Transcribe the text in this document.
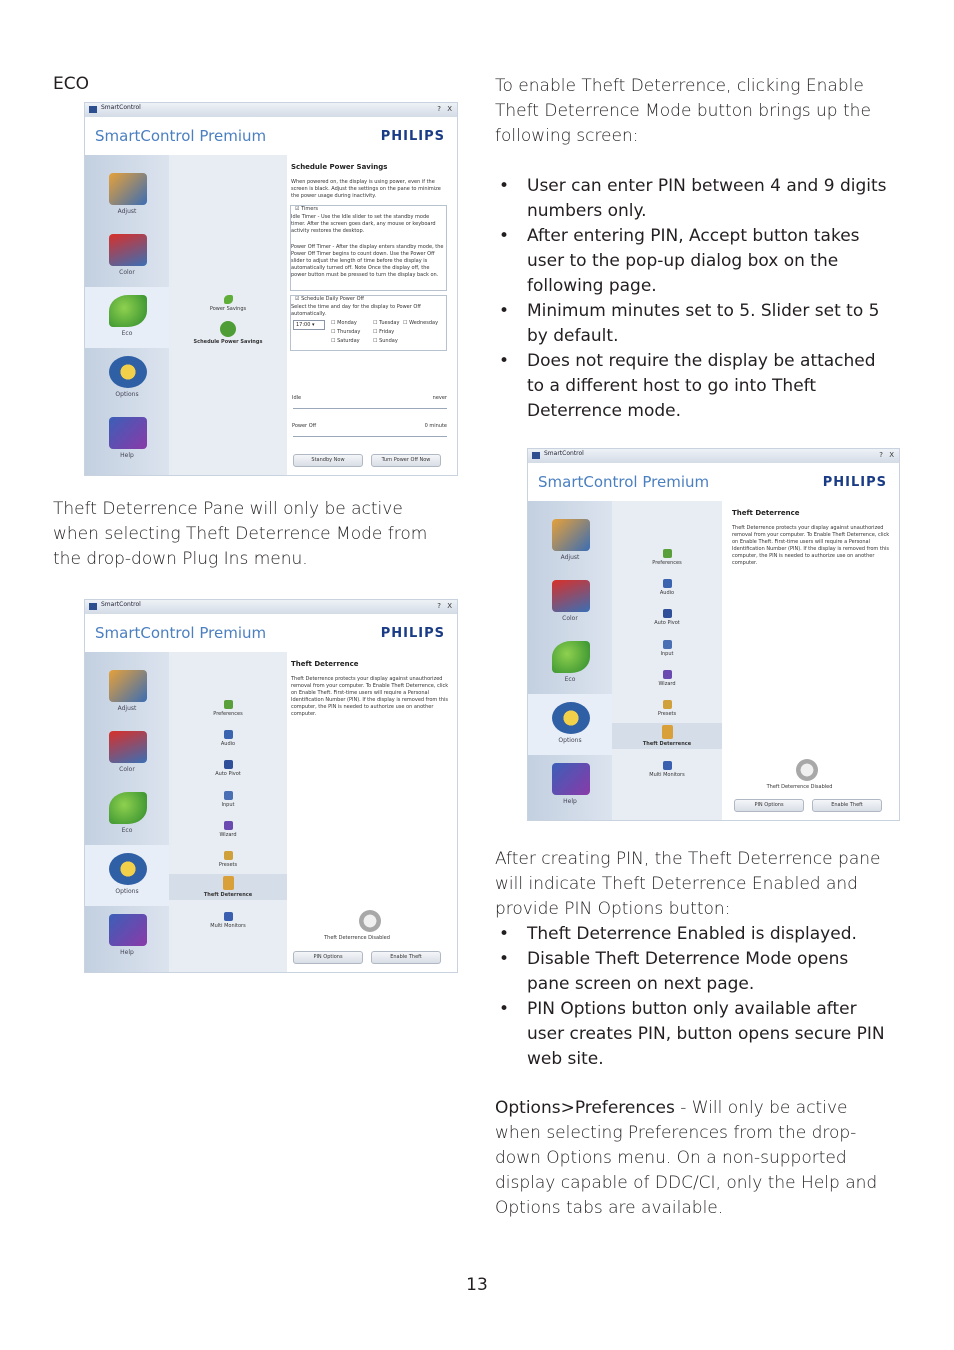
ECO
SmartControl	? X
SmartControl Premium	PHILIPS
Adjust
Color
Eco
Options
Help
Power Savings
Schedule Power Savings
Schedule Power Savings
When powered on, the display is using power, even if the screen is black. Adjust the settings on the pane to minimize the power usage during inactivity.
☑ Timers
Idle Timer - Use the Idle slider to set the standby mode timer. After the screen goes dark, any mouse or keyboard activity restores the desktop.
Power Off Timer - After the display enters standby mode, the Power Off Timer begins to count down. Use the Power Off slider to adjust the length of time before the display is automatically turned off. Note Once the display off, the power button must be pressed to turn the display back on.
☑ Schedule Daily Power Off
Select the time and day for the display to Power Off automatically.
17:00 ▾	☐ Monday	☐ Tuesday ☐ Wednesday
☐ Thursday	☐ Friday
☐ Saturday	☐ Sunday
Idle	never
Power Off	0 minute
Standby Now	Turn Power Off Now
Theft Deterrence Pane will only be active when selecting Theft Deterrence Mode from the drop-down Plug Ins menu.
SmartControl	? X
SmartControl Premium	PHILIPS
Adjust
Color
Eco
Options
Help
Preferences
Audio
Auto Pivot
Input
Wizard
Presets
Theft Deterrence
Multi Monitors
Theft Deterrence
Theft Deterrence protects your display against unauthorized removal from your computer. To Enable Theft Deterrence, click on Enable Theft. First-time users will require a Personal Identification Number (PIN). If the display is removed from this computer, the PIN is needed to authorize use on another computer.
Theft Deterrence Disabled
PIN Options	Enable Theft
To enable Theft Deterrence, clicking Enable Theft Deterrence Mode button brings up the following screen:
• User can enter PIN between 4 and 9 digits numbers only.
• After entering PIN, Accept button takes user to the pop-up dialog box on the following page.
• Minimum minutes set to 5. Slider set to 5 by default.
• Does not require the display be attached to a different host to go into Theft Deterrence mode.
SmartControl	? X
SmartControl Premium	PHILIPS
Adjust
Color
Eco
Options
Help
Preferences
Audio
Auto Pivot
Input
Wizard
Presets
Theft Deterrence
Multi Monitors
Theft Deterrence
Theft Deterrence protects your display against unauthorized removal from your computer. To Enable Theft Deterrence, click on Enable Theft. First-time users will require a Personal Identification Number (PIN). If the display is removed from this computer, the PIN is needed to authorize use on another computer.
Theft Deterrence Disabled
PIN Options	Enable Theft
After creating PIN, the Theft Deterrence pane will indicate Theft Deterrence Enabled and provide PIN Options button:
• Theft Deterrence Enabled is displayed.
• Disable Theft Deterrence Mode opens pane screen on next page.
• PIN Options button only available after user creates PIN, button opens secure PIN web site.
Options>Preferences - Will only be active when selecting Preferences from the drop-down Options menu. On a non-supported display capable of DDC/CI, only the Help and Options tabs are available.
13
